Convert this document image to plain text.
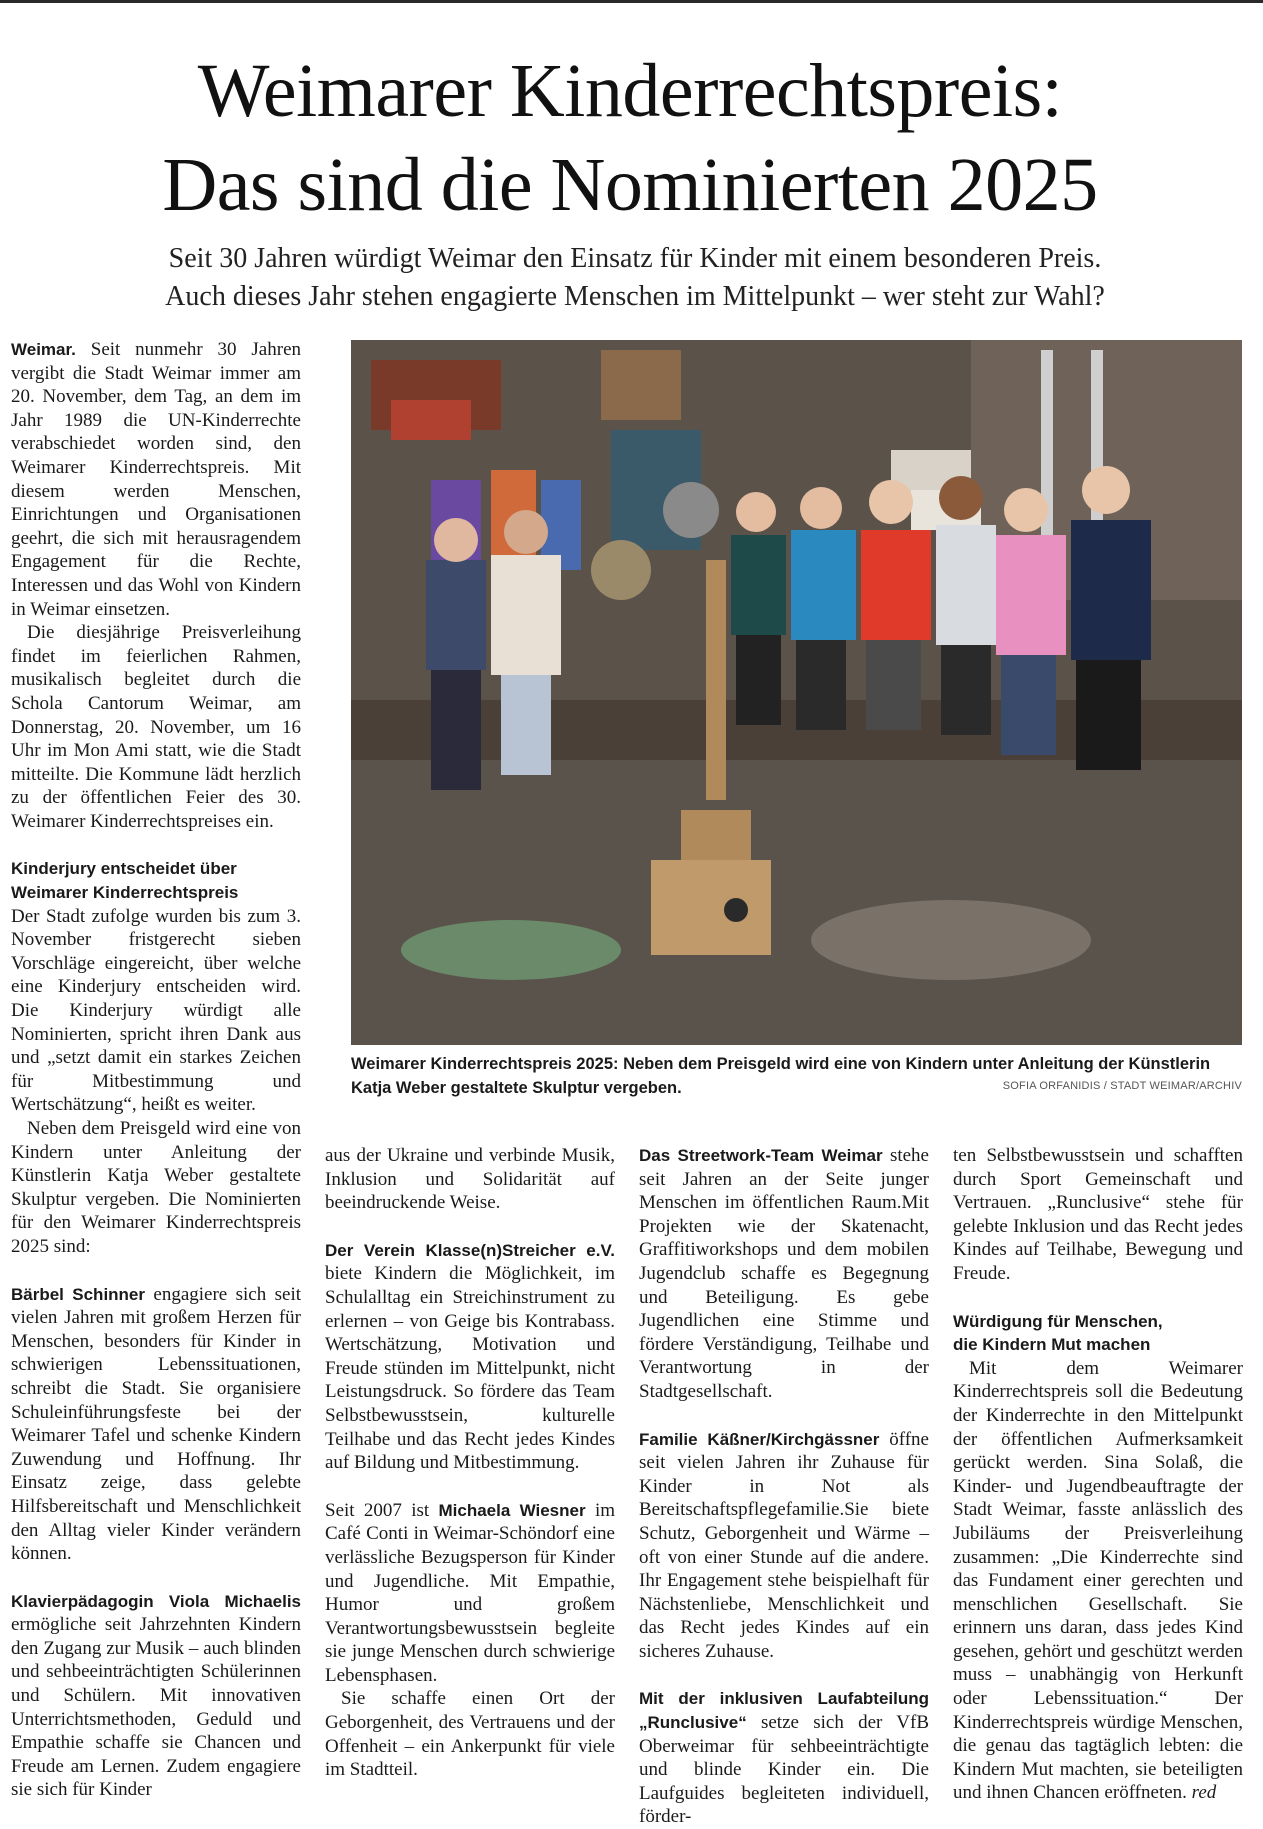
Weimarer Kinderrechtspreis:
Das sind die Nominierten 2025
Seit 30 Jahren würdigt Weimar den Einsatz für Kinder mit einem besonderen Preis.
Auch dieses Jahr stehen engagierte Menschen im Mittelpunkt – wer steht zur Wahl?

Weimar. Seit nunmehr 30 Jahren vergibt die Stadt Weimar immer am 20. November, dem Tag, an dem im Jahr 1989 die UN-Kinderrechte verabschiedet worden sind, den Weimarer Kinderrechtspreis. Mit diesem werden Menschen, Einrichtungen und Organisationen geehrt, die sich mit herausragendem Engagement für die Rechte, Interessen und das Wohl von Kindern in Weimar einsetzen.

Die diesjährige Preisverleihung findet im feierlichen Rahmen, musikalisch begleitet durch die Schola Cantorum Weimar, am Donnerstag, 20. November, um 16 Uhr im Mon Ami statt, wie die Stadt mitteilte. Die Kommune lädt herzlich zu der öffentlichen Feier des 30. Weimarer Kinderrechtspreises ein.

Kinderjury entscheidet über
Weimarer Kinderrechtspreis

Der Stadt zufolge wurden bis zum 3. November fristgerecht sieben Vorschläge eingereicht, über welche eine Kinderjury entscheiden wird. Die Kinderjury würdigt alle Nominierten, spricht ihren Dank aus und „setzt damit ein starkes Zeichen für Mitbestimmung und Wertschätzung“, heißt es weiter.

Neben dem Preisgeld wird eine von Kindern unter Anleitung der Künstlerin Katja Weber gestaltete Skulptur vergeben. Die Nominierten für den Weimarer Kinderrechtspreis 2025 sind:

Bärbel Schinner engagiere sich seit vielen Jahren mit großem Herzen für Menschen, besonders für Kinder in schwierigen Lebenssituationen, schreibt die Stadt. Sie organisiere Schuleinführungsfeste bei der Weimarer Tafel und schenke Kindern Zuwendung und Hoffnung. Ihr Einsatz zeige, dass gelebte Hilfsbereitschaft und Menschlichkeit den Alltag vieler Kinder verändern können.

Klavierpädagogin Viola Michaelis ermögliche seit Jahrzehnten Kindern den Zugang zur Musik – auch blinden und sehbeeinträchtigten Schülerinnen und Schülern. Mit innovativen Unterrichtsmethoden, Geduld und Empathie schaffe sie Chancen und Freude am Lernen. Zudem engagiere sie sich für Kinder

Weimarer Kinderrechtspreis 2025: Neben dem Preisgeld wird eine von Kindern unter Anleitung der Künstlerin Katja Weber gestaltete Skulptur vergeben.	SOFIA ORFANIDIS / STADT WEIMAR/ARCHIV

aus der Ukraine und verbinde Musik, Inklusion und Solidarität auf beeindruckende Weise.

Der Verein Klasse(n)Streicher e.V. biete Kindern die Möglichkeit, im Schulalltag ein Streichinstrument zu erlernen – von Geige bis Kontrabass. Wertschätzung, Motivation und Freude stünden im Mittelpunkt, nicht Leistungsdruck. So fördere das Team Selbstbewusstsein, kulturelle Teilhabe und das Recht jedes Kindes auf Bildung und Mitbestimmung.

Seit 2007 ist Michaela Wiesner im Café Conti in Weimar-Schöndorf eine verlässliche Bezugsperson für Kinder und Jugendliche. Mit Empathie, Humor und großem Verantwortungsbewusstsein begleite sie junge Menschen durch schwierige Lebensphasen.

Sie schaffe einen Ort der Geborgenheit, des Vertrauens und der Offenheit – ein Ankerpunkt für viele im Stadtteil.

Das Streetwork-Team Weimar stehe seit Jahren an der Seite junger Menschen im öffentlichen Raum.Mit Projekten wie der Skatenacht, Graffitiworkshops und dem mobilen Jugendclub schaffe es Begegnung und Beteiligung. Es gebe Jugendlichen eine Stimme und fördere Verständigung, Teilhabe und Verantwortung in der Stadtgesellschaft.

Familie Käßner/Kirchgässner öffne seit vielen Jahren ihr Zuhause für Kinder in Not als Bereitschaftspflegefamilie.Sie biete Schutz, Geborgenheit und Wärme – oft von einer Stunde auf die andere. Ihr Engagement stehe beispielhaft für Nächstenliebe, Menschlichkeit und das Recht jedes Kindes auf ein sicheres Zuhause.

Mit der inklusiven Laufabteilung „Runclusive“ setze sich der VfB Oberweimar für sehbeeinträchtigte und blinde Kinder ein. Die Laufguides begleiteten individuell, förder-

ten Selbstbewusstsein und schafften durch Sport Gemeinschaft und Vertrauen. „Runclusive“ stehe für gelebte Inklusion und das Recht jedes Kindes auf Teilhabe, Bewegung und Freude.

Würdigung für Menschen,
die Kindern Mut machen

Mit dem Weimarer Kinderrechtspreis soll die Bedeutung der Kinderrechte in den Mittelpunkt der öffentlichen Aufmerksamkeit gerückt werden. Sina Solaß, die Kinder- und Jugendbeauftragte der Stadt Weimar, fasste anlässlich des Jubiläums der Preisverleihung zusammen: „Die Kinderrechte sind das Fundament einer gerechten und menschlichen Gesellschaft. Sie erinnern uns daran, dass jedes Kind gesehen, gehört und geschützt werden muss – unabhängig von Herkunft oder Lebenssituation.“ Der Kinderrechtspreis würdige Menschen, die genau das tagtäglich lebten: die Kindern Mut machten, sie beteiligten und ihnen Chancen eröffneten. red
